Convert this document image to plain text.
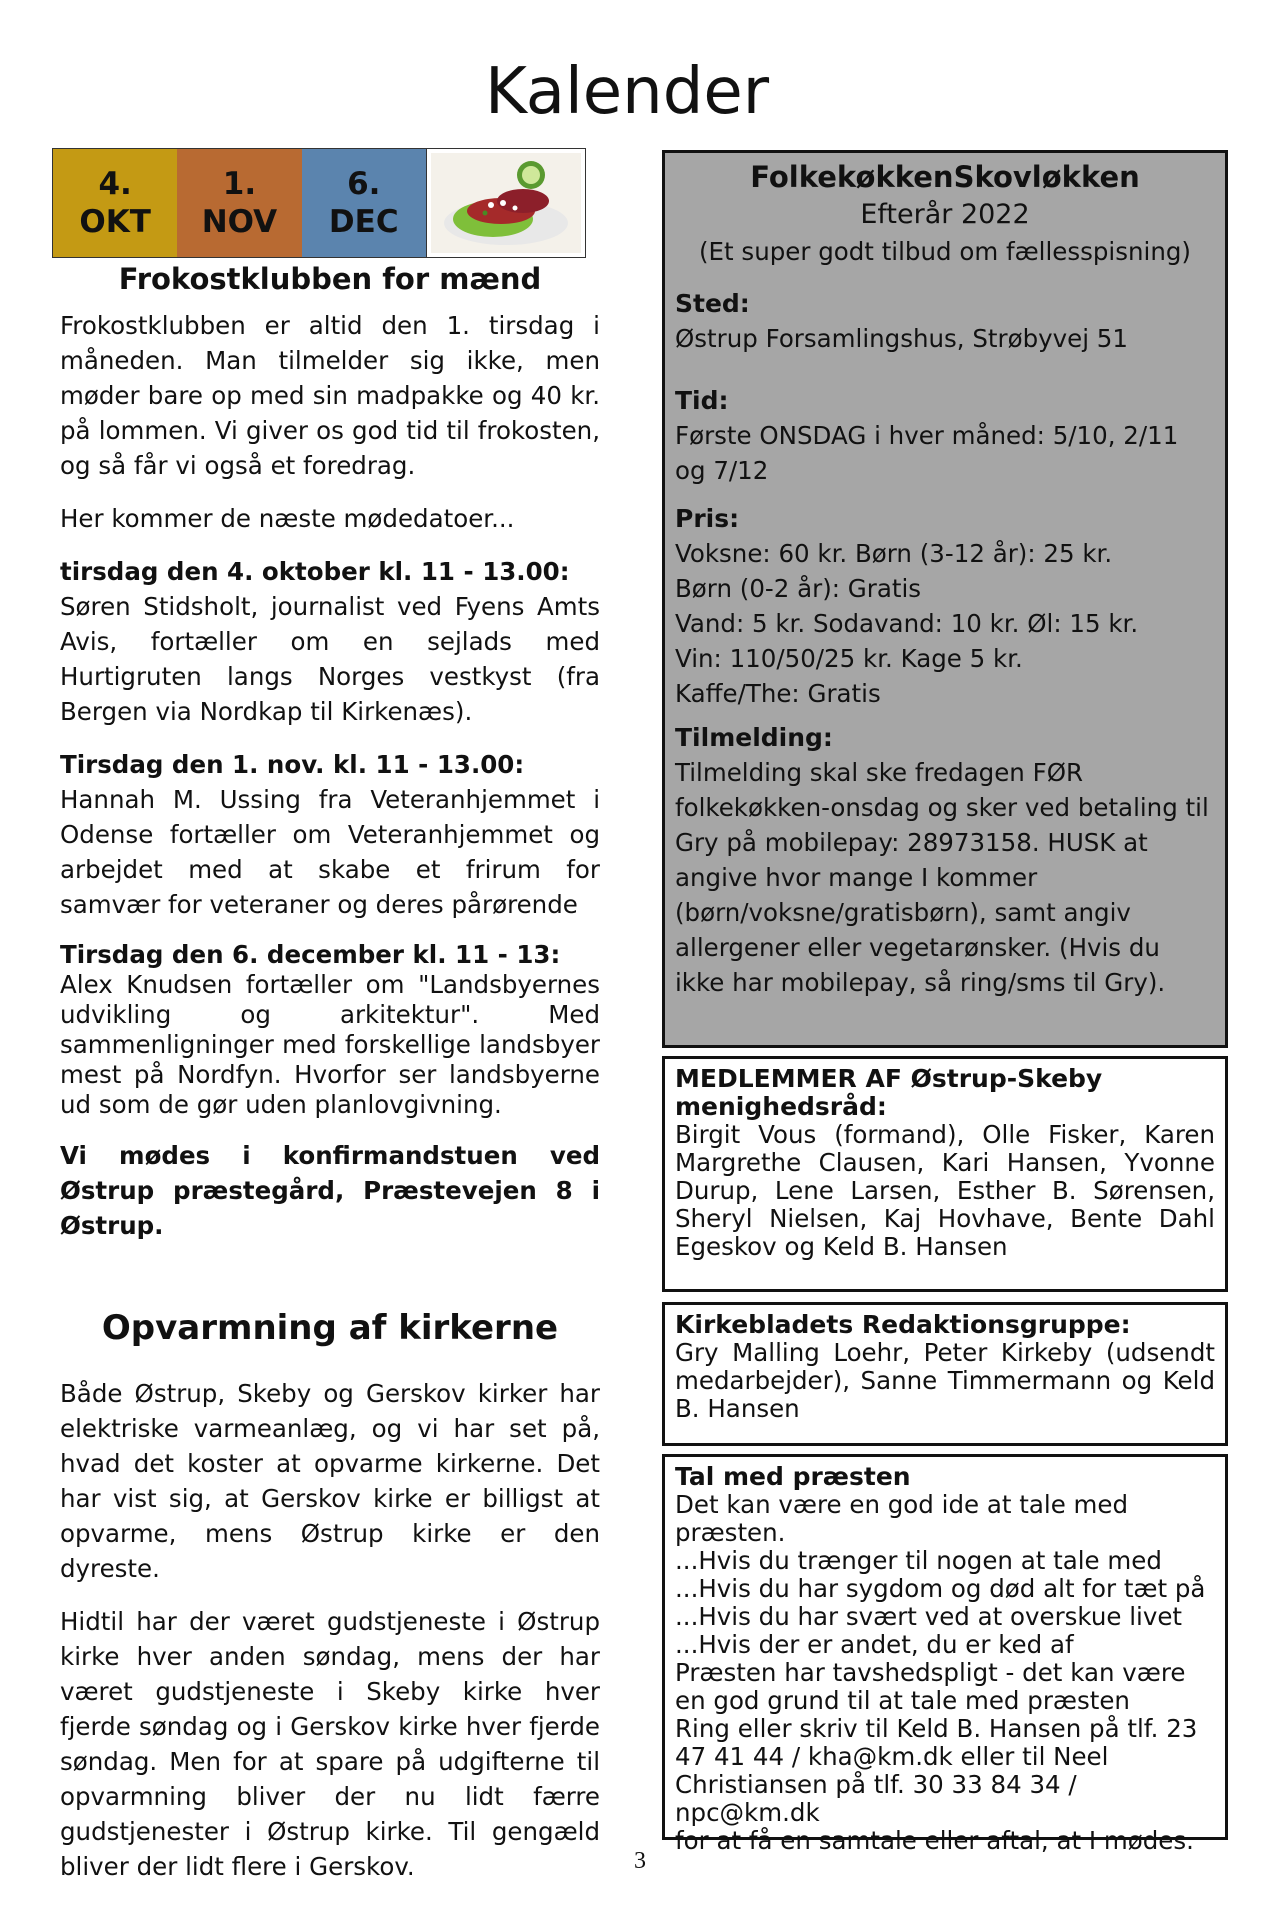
Kalender
4.
OKT
1.
NOV
6.
DEC
Frokostklubben for mænd

Frokostklubben er altid den 1. tirsdag i måneden. Man tilmelder sig ikke, men møder bare op med sin madpakke og 40 kr. på lommen. Vi giver os god tid til frokosten, og så får vi også et foredrag.

Her kommer de næste mødedatoer...

tirsdag den 4. oktober kl. 11 - 13.00:
Søren Stidsholt, journalist ved Fyens Amts Avis, fortæller om en sejlads med Hurtigruten langs Norges vestkyst (fra Bergen via Nordkap til Kirkenæs).

Tirsdag den 1. nov. kl. 11 - 13.00:
Hannah M. Ussing fra Veteranhjemmet i Odense fortæller om Veteranhjemmet og arbejdet med at skabe et frirum for samvær for veteraner og deres pårørende

Tirsdag den 6. december kl. 11 - 13:
Alex Knudsen fortæller om "Landsbyernes udvikling og arkitektur". Med sammenligninger med forskellige landsbyer mest på Nordfyn. Hvorfor ser landsbyerne ud som de gør uden planlovgivning.

Vi mødes i konfirmandstuen ved Østrup præstegård, Præstevejen 8 i Østrup.

Opvarmning af kirkerne

Både Østrup, Skeby og Gerskov kirker har elektriske varmeanlæg, og vi har set på, hvad det koster at opvarme kirkerne. Det har vist sig, at Gerskov kirke er billigst at opvarme, mens Østrup kirke er den dyreste.

Hidtil har der været gudstjeneste i Østrup kirke hver anden søndag, mens der har været gudstjeneste i Skeby kirke hver fjerde søndag og i Gerskov kirke hver fjerde søndag. Men for at spare på udgifterne til opvarmning bliver der nu lidt færre gudstjenester i Østrup kirke. Til gengæld bliver der lidt flere i Gerskov.

FolkekøkkenSkovløkken
Efterår 2022
(Et super godt tilbud om fællesspisning)
Sted:
Østrup Forsamlingshus, Strøbyvej 51
Tid:
Første ONSDAG i hver måned: 5/10, 2/11 og 7/12
Pris:
Voksne: 60 kr. Børn (3-12 år): 25 kr.
Børn (0-2 år): Gratis
Vand: 5 kr. Sodavand: 10 kr. Øl: 15 kr.
Vin: 110/50/25 kr. Kage 5 kr.
Kaffe/The: Gratis
Tilmelding:
Tilmelding skal ske fredagen FØR folkekøkken-onsdag og sker ved betaling til Gry på mobilepay: 28973158. HUSK at angive hvor mange I kommer (børn/voksne/gratisbørn), samt angiv allergener eller vegetarønsker. (Hvis du ikke har mobilepay, så ring/sms til Gry).
MEDLEMMER AF Østrup-Skeby menighedsråd:
Birgit Vous (formand), Olle Fisker, Karen Margrethe Clausen, Kari Hansen, Yvonne Durup, Lene Larsen, Esther B. Sørensen, Sheryl Nielsen, Kaj Hovhave, Bente Dahl Egeskov og Keld B. Hansen
Kirkebladets Redaktionsgruppe:
Gry Malling Loehr, Peter Kirkeby (udsendt medarbejder), Sanne Timmermann og Keld B. Hansen
Tal med præsten
Det kan være en god ide at tale med præsten.
...Hvis du trænger til nogen at tale med
...Hvis du har sygdom og død alt for tæt på
...Hvis du har svært ved at overskue livet
...Hvis der er andet, du er ked af
Præsten har tavshedspligt - det kan være en god grund til at tale med præsten
Ring eller skriv til Keld B. Hansen på tlf. 23 47 41 44 / kha@km.dk eller til Neel Christiansen på tlf. 30 33 84 34 / npc@km.dk
for at få en samtale eller aftal, at I mødes.
3
